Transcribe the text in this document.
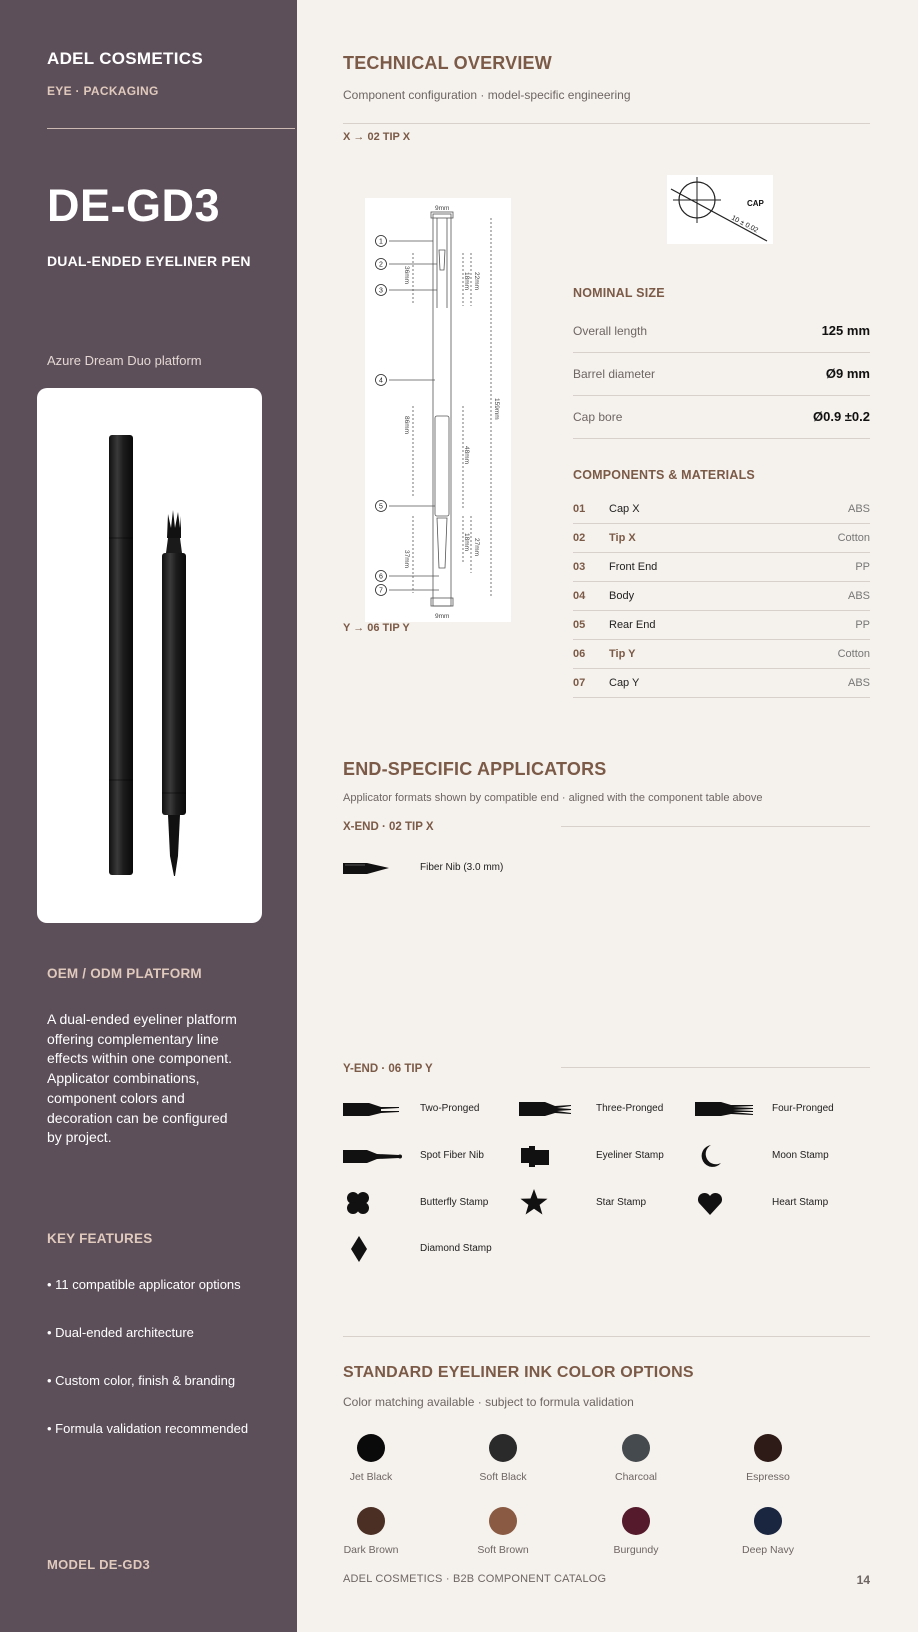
ADEL COSMETICS
EYE · PACKAGING
DE-GD3
DUAL-ENDED EYELINER PEN
Azure Dream Duo platform
OEM / ODM PLATFORM
A dual-ended eyeliner platform offering complementary line effects within one component. Applicator combinations, component colors and decoration can be configured by project.
KEY FEATURES
• 11 compatible applicator options
• Dual-ended architecture
• Custom color, finish & branding
• Formula validation recommended
MODEL DE-GD3
TECHNICAL OVERVIEW
Component configuration · model-specific engineering
X → 02 TIP X
9mm
9mm
36mm	18mm 22mm
86mm
48mm
159mm
37mm
18mm 27mm
1
2
3
4
5
6
7
CAP
10 ± 0.02
Y → 06 TIP Y
NOMINAL SIZE
Overall length	125 mm
Barrel diameter	Ø9 mm
Cap bore	Ø0.9 ±0.2
COMPONENTS & MATERIALS
01 Cap X	ABS
02 Tip X	Cotton
03 Front End	PP
04 Body	ABS
05 Rear End	PP
06 Tip Y	Cotton
07 Cap Y	ABS
END-SPECIFIC APPLICATORS
Applicator formats shown by compatible end · aligned with the component table above
X-END · 02 TIP X
Fiber Nib (3.0 mm)
Y-END · 06 TIP Y
Two-Pronged	Three-Pronged	Four-Pronged
Spot Fiber Nib	Eyeliner Stamp	Moon Stamp
Butterfly Stamp	Star Stamp	Heart Stamp
Diamond Stamp
STANDARD EYELINER INK COLOR OPTIONS
Color matching available · subject to formula validation
Jet Black	Soft Black	Charcoal	Espresso
Dark Brown	Soft Brown	Burgundy	Deep Navy
ADEL COSMETICS · B2B COMPONENT CATALOG	14
